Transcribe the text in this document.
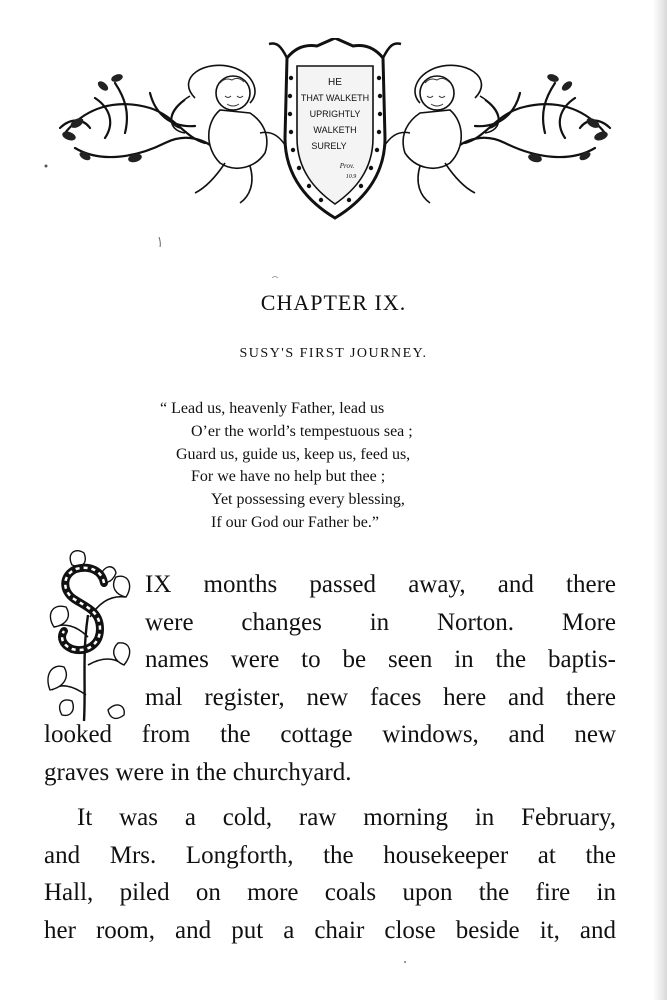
HE
THAT WALKETH
UPRIGHTLY
WALKETH
SURELY
Prov.
10.9
CHAPTER IX.
SUSY'S FIRST JOURNEY.
“ Lead us, heavenly Father, lead us
O’er the world’s tempestuous sea ;
Guard us, guide us, keep us, feed us,
For we have no help but thee ;
Yet possessing every blessing,
If our God our Father be.”
S
IX months passed away, and there
were changes in Norton. More
names were to be seen in the baptis-
mal register, new faces here and there
looked from the cottage windows, and new
graves were in the churchyard.
It was a cold, raw morning in February,
and Mrs. Longforth, the housekeeper at the
Hall, piled on more coals upon the fire in
her room, and put a chair close beside it, and
